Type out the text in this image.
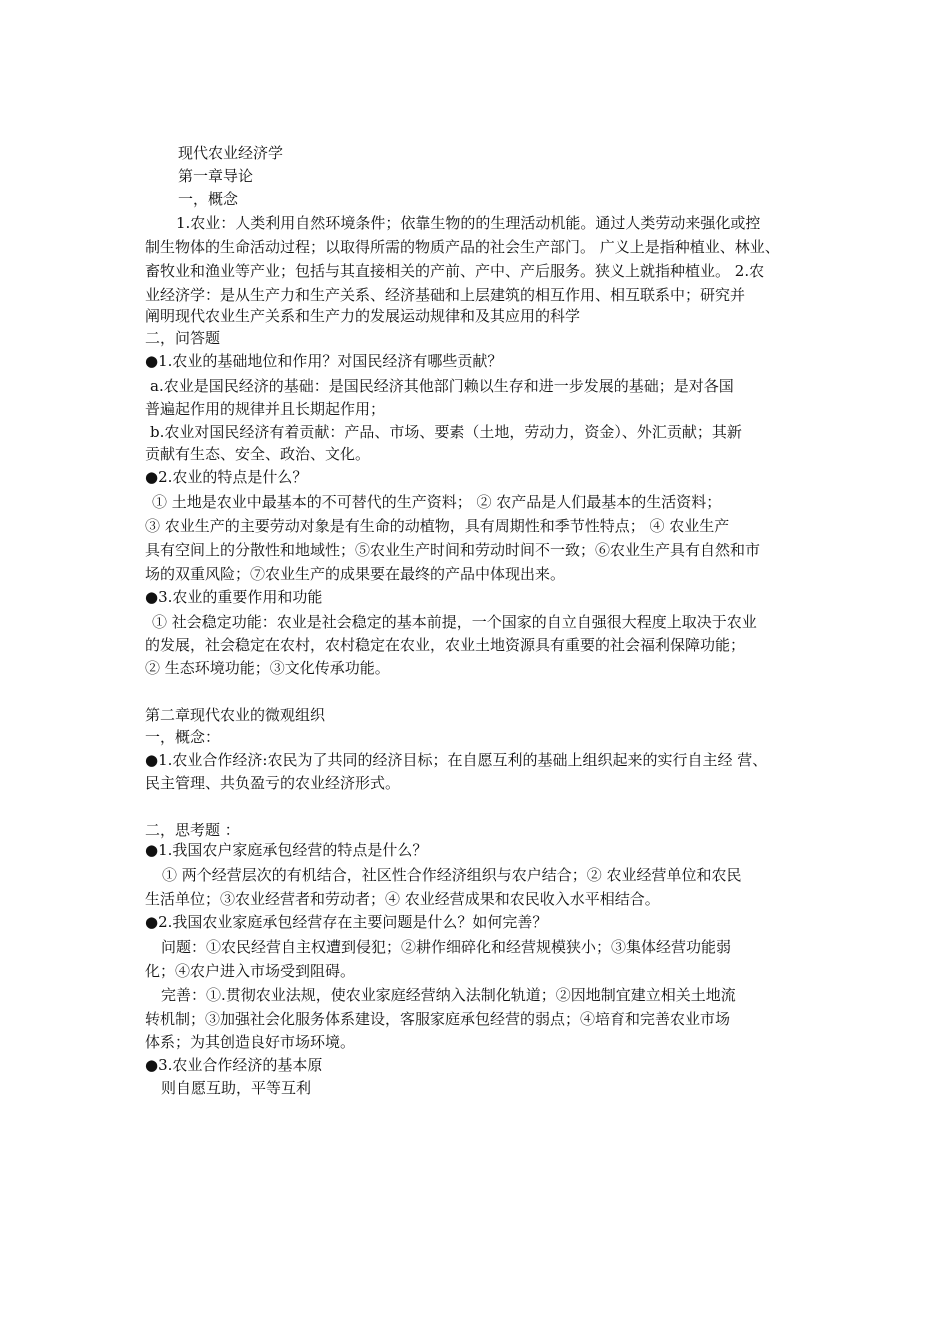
现代农业经济学
第一章导论
一，概念
1.农业：人类利用自然环境条件；依靠生物的的生理活动机能。通过人类劳动来强化或控
制生物体的生命活动过程；以取得所需的物质产品的社会生产部门。 广义上是指种植业、林业、
畜牧业和渔业等产业；包括与其直接相关的产前、产中、产后服务。狭义上就指种植业。 2.农
业经济学：是从生产力和生产关系、经济基础和上层建筑的相互作用、相互联系中；研究并
阐明现代农业生产关系和生产力的发展运动规律和及其应用的科学
二，问答题
●1.农业的基础地位和作用？对国民经济有哪些贡献？
a.农业是国民经济的基础：是国民经济其他部门赖以生存和进一步发展的基础；是对各国
普遍起作用的规律并且长期起作用；
b.农业对国民经济有着贡献：产品、市场、要素（土地，劳动力，资金）、外汇贡献；其新
贡献有生态、安全、政治、文化。
●2.农业的特点是什么？
① 土地是农业中最基本的不可替代的生产资料； ② 农产品是人们最基本的生活资料；
③ 农业生产的主要劳动对象是有生命的动植物，具有周期性和季节性特点； ④ 农业生产
具有空间上的分散性和地域性；⑤农业生产时间和劳动时间不一致；⑥农业生产具有自然和市
场的双重风险；⑦农业生产的成果要在最终的产品中体现出来。
●3.农业的重要作用和功能
① 社会稳定功能：农业是社会稳定的基本前提，一个国家的自立自强很大程度上取决于农业
的发展，社会稳定在农村，农村稳定在农业，农业土地资源具有重要的社会福利保障功能；
② 生态环境功能；③文化传承功能。
第二章现代农业的微观组织
一，概念：
●1.农业合作经济:农民为了共同的经济目标；在自愿互利的基础上组织起来的实行自主经 营、
民主管理、共负盈亏的农业经济形式。
二，思考题 ：
●1.我国农户家庭承包经营的特点是什么？
① 两个经营层次的有机结合，社区性合作经济组织与农户结合；② 农业经营单位和农民
生活单位；③农业经营者和劳动者；④ 农业经营成果和农民收入水平相结合。
●2.我国农业家庭承包经营存在主要问题是什么？如何完善？
问题：①农民经营自主权遭到侵犯；②耕作细碎化和经营规模狭小；③集体经营功能弱
化；④农户进入市场受到阻碍。
完善：①.贯彻农业法规，使农业家庭经营纳入法制化轨道；②因地制宜建立相关土地流
转机制；③加强社会化服务体系建设，客服家庭承包经营的弱点；④培育和完善农业市场
体系；为其创造良好市场环境。
●3.农业合作经济的基本原
则自愿互助，平等互利
